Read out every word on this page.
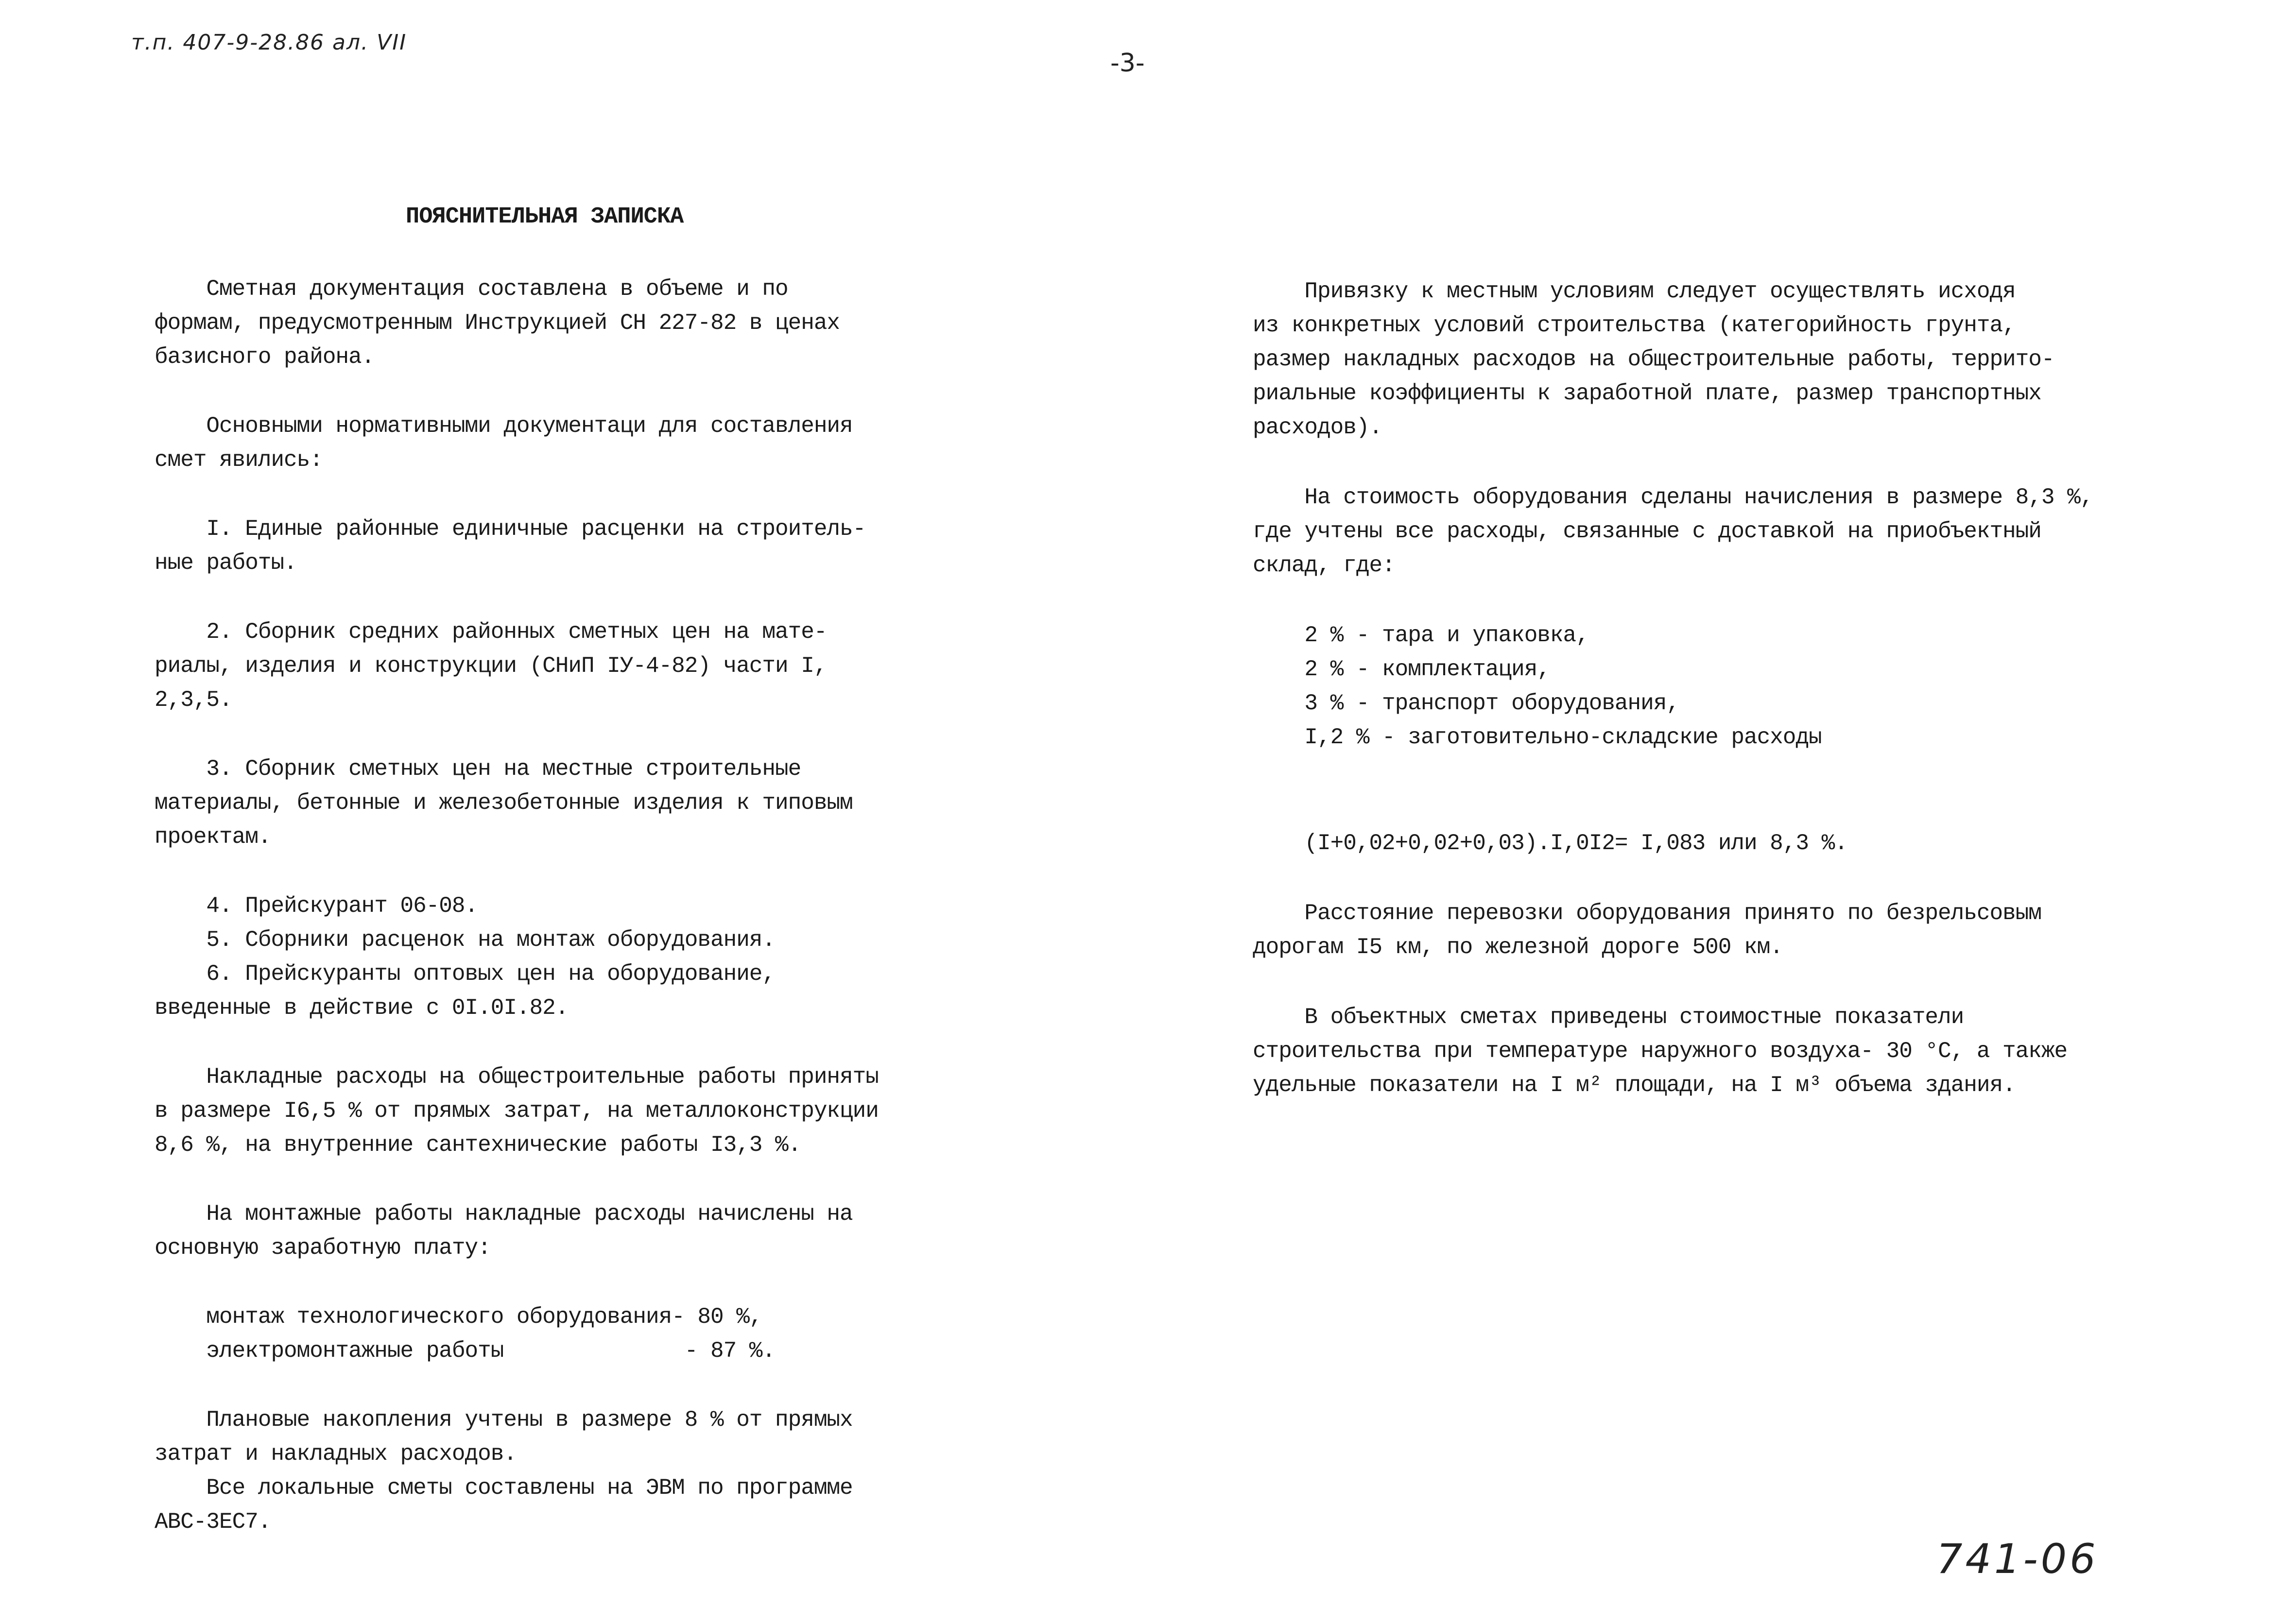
т.п. 407-9-28.86 ал. VII
-3-
ПОЯСНИТЕЛЬНАЯ ЗАПИСКА
Сметная документация составлена в объеме и по
формам, предусмотренным Инструкцией СН 227-82 в ценах
базисного района.

Основными нормативными документаци для составления
смет явились:

I. Единые районные единичные расценки на строитель-
ные работы.

2. Сборник средних районных сметных цен на мате-
риалы, изделия и конструкции (СНиП IУ-4-82) части I,
2,3,5.

3. Сборник сметных цен на местные строительные
материалы, бетонные и железобетонные изделия к типовым
проектам.

4. Прейскурант 06-08.
5. Сборники расценок на монтаж оборудования.
6. Прейскуранты оптовых цен на оборудование,
введенные в действие с 0I.0I.82.

Накладные расходы на общестроительные работы приняты
в размере I6,5 % от прямых затрат, на металлоконструкции
8,6 %, на внутренние сантехнические работы I3,3 %.

На монтажные работы накладные расходы начислены на
основную заработную плату:

монтаж технологического оборудования- 80 %,
электромонтажные работы              - 87 %.

Плановые накопления учтены в размере 8 % от прямых
затрат и накладных расходов.
Все локальные сметы составлены на ЭВМ по программе
АВС-3ЕС7.
Привязку к местным условиям следует осуществлять исходя
из конкретных условий строительства (категорийность грунта,
размер накладных расходов на общестроительные работы, террито-
риальные коэффициенты к заработной плате, размер транспортных
расходов).

На стоимость оборудования сделаны начисления в размере 8,3 %,
где учтены все расходы, связанные с доставкой на приобъектный
склад, где:

2 % - тара и упаковка,
2 % - комплектация,
3 % - транспорт оборудования,
I,2 % - заготовительно-складские расходы

(I+0,02+0,02+0,03).I,0I2= I,083 или 8,3 %.

Расстояние перевозки оборудования принято по безрельсовым
дорогам I5 км, по железной дороге 500 км.

В объектных сметах приведены стоимостные показатели
строительства при температуре наружного воздуха- 30 °С, а также
удельные показатели на I м² площади, на I м³ объема здания.
741-06
